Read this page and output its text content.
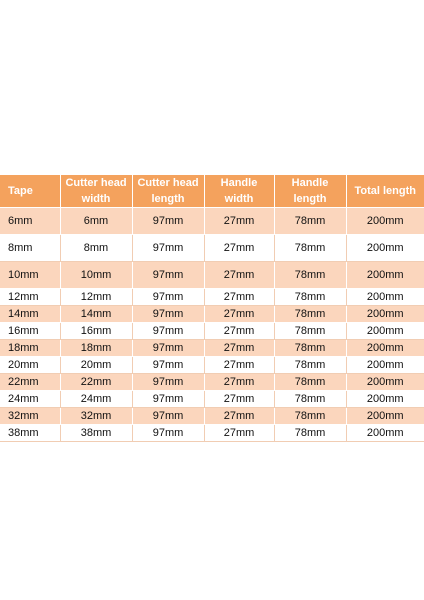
Tape	Cutter head width	Cutter head length	Handle width	Handle length	Total length
6mm	6mm	97mm	27mm	78mm	200mm
8mm	8mm	97mm	27mm	78mm	200mm
10mm	10mm	97mm	27mm	78mm	200mm
12mm	12mm	97mm	27mm	78mm	200mm
14mm	14mm	97mm	27mm	78mm	200mm
16mm	16mm	97mm	27mm	78mm	200mm
18mm	18mm	97mm	27mm	78mm	200mm
20mm	20mm	97mm	27mm	78mm	200mm
22mm	22mm	97mm	27mm	78mm	200mm
24mm	24mm	97mm	27mm	78mm	200mm
32mm	32mm	97mm	27mm	78mm	200mm
38mm	38mm	97mm	27mm	78mm	200mm
